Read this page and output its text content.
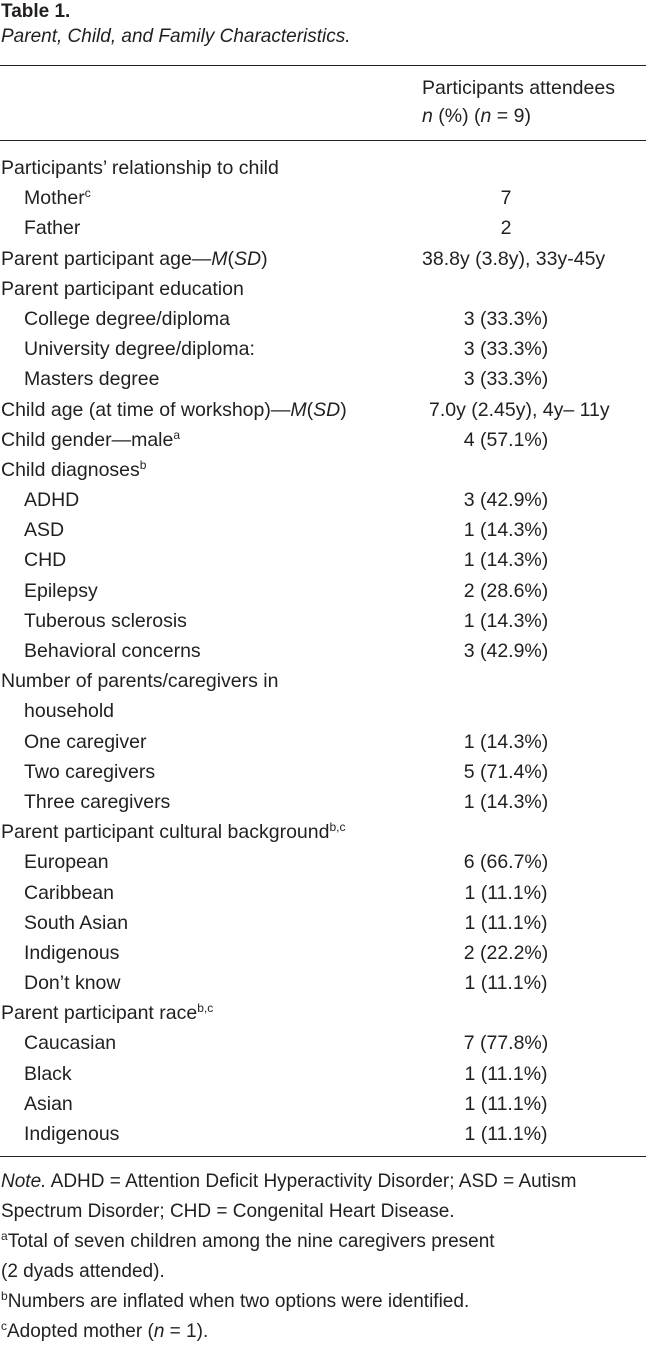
Table 1.

Parent, Child, and Family Characteristics.

Participants attendees
n (%) (n = 9)
Participants’ relationship to child
Mother$^c$	7
Father	2
Parent participant age—M(SD)	38.8y (3.8y), 33y-45y
Parent participant education
College degree/diploma	3 (33.3%)
University degree/diploma:	3 (33.3%)
Masters degree	3 (33.3%)
Child age (at time of workshop)—M(SD)	7.0y (2.45y), 4y– 11y
Child gender—male$^a$	4 (57.1%)
Child diagnoses$^b$
ADHD	3 (42.9%)
ASD	1 (14.3%)
CHD	1 (14.3%)
Epilepsy	2 (28.6%)
Tuberous sclerosis	1 (14.3%)
Behavioral concerns	3 (42.9%)
Number of parents/caregivers in
household
One caregiver	1 (14.3%)
Two caregivers	5 (71.4%)
Three caregivers	1 (14.3%)
Parent participant cultural background$^{b,c}$
European	6 (66.7%)
Caribbean	1 (11.1%)
South Asian	1 (11.1%)
Indigenous	2 (22.2%)
Don’t know	1 (11.1%)
Parent participant race$^{b,c}$
Caucasian	7 (77.8%)
Black	1 (11.1%)
Asian	1 (11.1%)
Indigenous	1 (11.1%)

Note. ADHD = Attention Deficit Hyperactivity Disorder; ASD = Autism

Spectrum Disorder; CHD = Congenital Heart Disease.

$^a$Total of seven children among the nine caregivers present

(2 dyads attended).

$^b$Numbers are inflated when two options were identified.

$^c$Adopted mother (n = 1).
